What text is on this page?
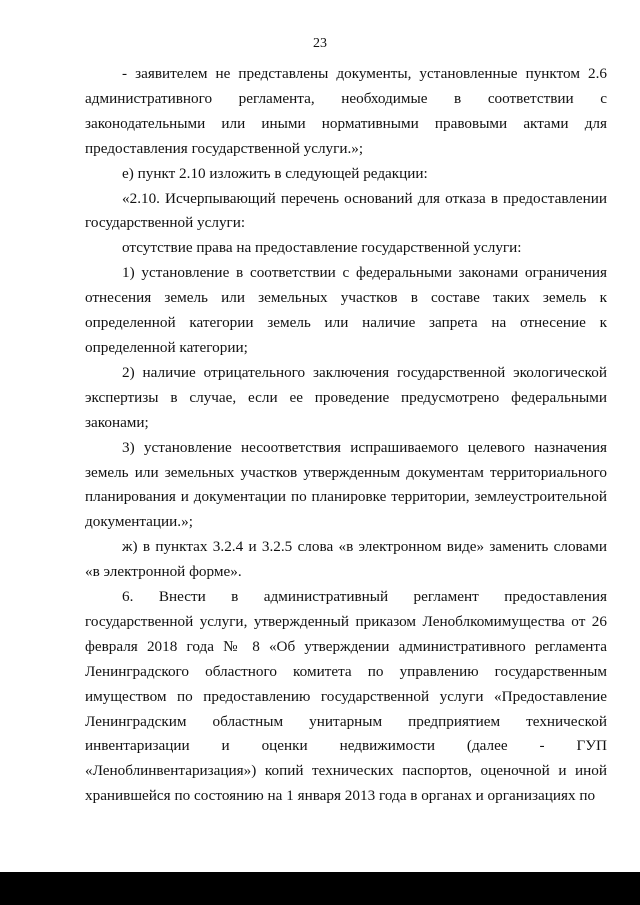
23

- заявителем не представлены документы, установленные пунктом 2.6 административного регламента, необходимые в соответствии с законодательными или иными нормативными правовыми актами для предоставления государственной услуги.»;

е) пункт 2.10 изложить в следующей редакции:

«2.10. Исчерпывающий перечень оснований для отказа в предоставлении государственной услуги:

отсутствие права на предоставление государственной услуги:

1) установление в соответствии с федеральными законами ограничения отнесения земель или земельных участков в составе таких земель к определенной категории земель или наличие запрета на отнесение к определенной категории;

2) наличие отрицательного заключения государственной экологической экспертизы в случае, если ее проведение предусмотрено федеральными законами;

3) установление несоответствия испрашиваемого целевого назначения земель или земельных участков утвержденным документам территориального планирования и документации по планировке территории, землеустроительной документации.»;

ж) в пунктах 3.2.4 и 3.2.5 слова «в электронном виде» заменить словами «в электронной форме».

6. Внести в административный регламент предоставления государственной услуги, утвержденный приказом Леноблкомимущества от 26 февраля 2018 года № 8 «Об утверждении административного регламента Ленинградского областного комитета по управлению государственным имуществом по предоставлению государственной услуги «Предоставление Ленинградским областным унитарным предприятием технической инвентаризации и оценки недвижимости (далее - ГУП «Леноблинвентаризация») копий технических паспортов, оценочной и иной хранившейся по состоянию на 1 января 2013 года в органах и организациях по
